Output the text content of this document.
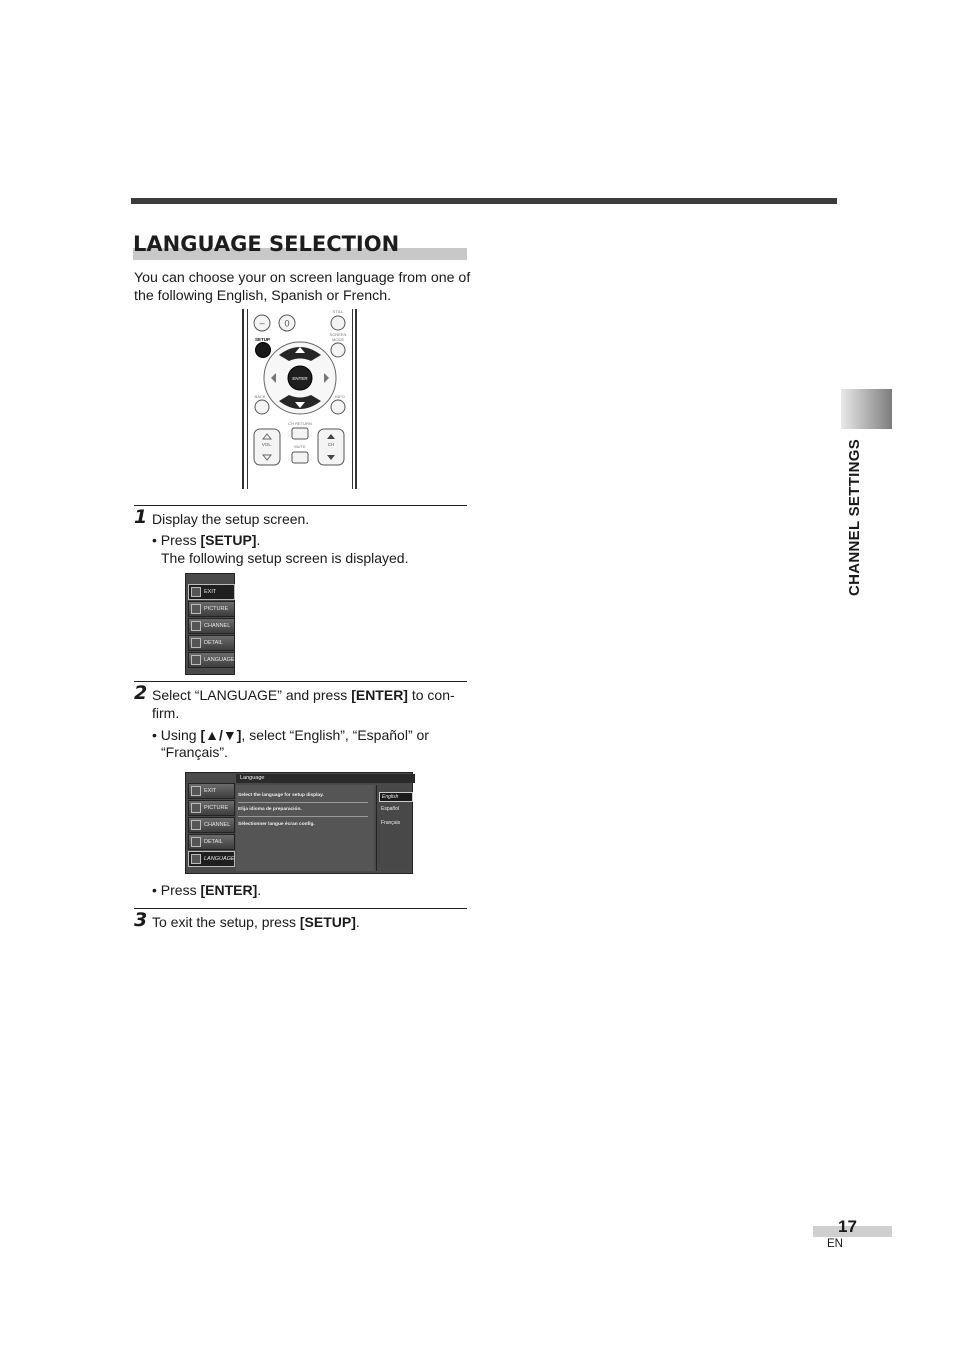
LANGUAGE SELECTION
You can choose your on screen language from one of the following English, Spanish or French.
– 0
STILL
SCREEN
MODE
SETUP
ENTER
BACK	INFO
CH RETURN
VOL.	MUTE	CH
1 Display the setup screen.
• Press [SETUP].
The following setup screen is displayed.
EXIT
PICTURE
CHANNEL
DETAIL
LANGUAGE
2 Select “LANGUAGE” and press [ENTER] to con-
firm.
• Using [▲/▼], select “English”, “Español” or
“Français”.
EXIT
PICTURE
CHANNEL
DETAIL
LANGUAGE
Language
Select the language for setup display.
Elija idioma de preparación.
Sélectionner langue écran config.
English
Español
Français
• Press [ENTER].
3 To exit the setup, press [SETUP].
CHANNEL SETTINGS
17
EN
